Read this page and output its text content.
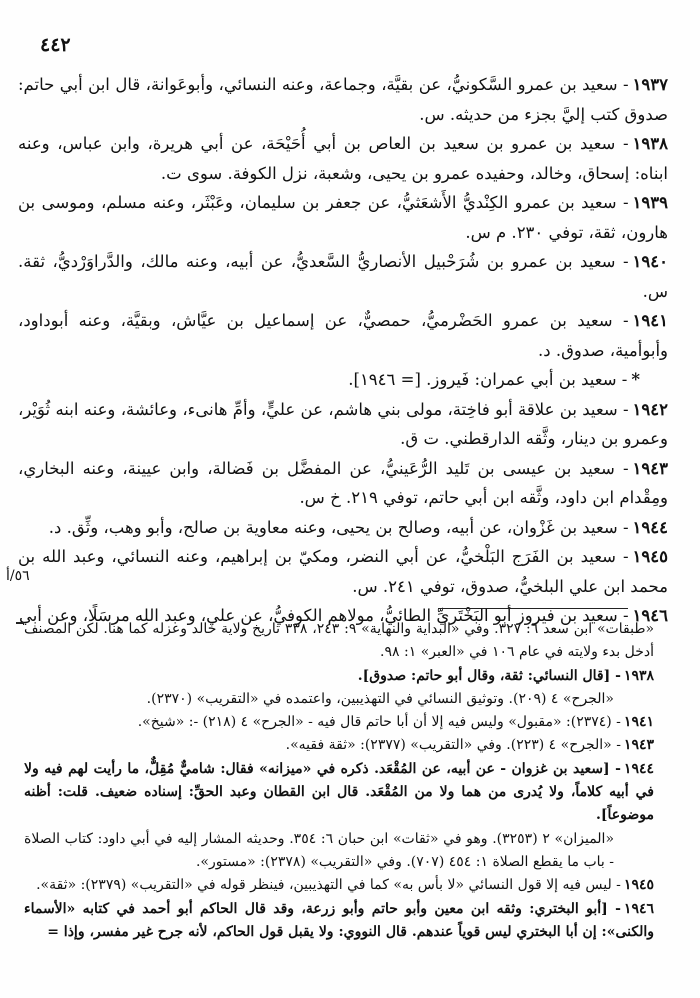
٤٤٢
٥٦/أ

١٩٣٧- سعيد بن عمرو السَّكونيُّ، عن بقيَّة، وجماعة، وعنه النسائي، وأبوعَوانة، قال ابن أبي حاتم: صدوق كتب إليَّ بجزء من حديثه. س.

١٩٣٨- سعيد بن عمرو بن سعيد بن العاص بن أبي أُحَيْحَة، عن أبي هريرة، وابن عباس، وعنه ابناه: إسحاق، وخالد، وحفيده عمرو بن يحيى، وشعبة، نزل الكوفة. سوى ت.

١٩٣٩- سعيد بن عمرو الكِنْديُّ الأَشعَثيُّ، عن جعفر بن سليمان، وعَبْثَر، وعنه مسلم، وموسى بن هارون، ثقة، توفي ٢٣٠. م س.

١٩٤٠- سعيد بن عمرو بن شُرَحْبيل الأنصاريُّ السَّعديُّ، عن أبيه، وعنه مالك، والدَّراوَرْديُّ، ثقة. س.

١٩٤١- سعيد بن عمرو الحَضْرميُّ، حمصيٌّ، عن إسماعيل بن عيَّاش، وبقيَّة، وعنه أبوداود، وأبوأمية، صدوق. د.

*- سعيد بن أبي عمران: فَيروز. [= ١٩٤٦].

١٩٤٢- سعيد بن علاقة أبو فاخِتة، مولى بني هاشم، عن عليٍّ، وأمِّ هانىء، وعائشة، وعنه ابنه ثُوَيْر، وعمرو بن دينار، وثَّقه الدارقطني. ت ق.

١٩٤٣- سعيد بن عيسى بن تَليد الرُّعَينيُّ، عن المفضَّل بن فَضالة، وابن عيينة، وعنه البخاري، ومِقْدام ابن داود، وثَّقه ابن أبي حاتم، توفي ٢١٩. خ س.

١٩٤٤- سعيد بن غَزْوان، عن أبيه، وصالح بن يحيى، وعنه معاوية بن صالح، وأبو وهب، وثِّق. د.

١٩٤٥- سعيد بن الفَرَج البَلْخيُّ، عن أبي النضر، ومكيّ بن إبراهيم، وعنه النسائي، وعبد الله بن محمد ابن علي البلخيُّ، صدوق، توفي ٢٤١. س.

١٩٤٦- سعيد بن فيروز أبو البَخْتَريِّ الطائيُّ، مولاهم الكوفيُّ، عن علي، وعبد الله مرسَلًا، وعن أبي

«طبقات» ابن سعد ٦: ٣٢٧. وفي «البداية والنهاية» ٩: ٢٤٣، ٣٣٨ تاريخ ولاية خالد وعزله كما هنا. لكن المصنف أدخل بدء ولايته في عام ١٠٦ في «العبر» ١: ٩٨.

١٩٣٨- [قال النسائي: ثقة، وقال أبو حاتم: صدوق].

«الجرح» ٤ (٢٠٩). وتوثيق النسائي في التهذيبين، واعتمده في «التقريب» (٢٣٧٠).

١٩٤١- (٢٣٧٤): «مقبول» وليس فيه إلا أن أبا حاتم قال فيه - «الجرح» ٤ (٢١٨) -: «شيخ».

١٩٤٣- «الجرح» ٤ (٢٢٣). وفي «التقريب» (٢٣٧٧): «ثقة فقيه».

١٩٤٤- [سعيد بن غزوان - عن أبيه، عن المُقْعَد. ذكره في «ميزانه» فقال: شاميٌّ مُقِلٌّ، ما رأيت لهم فيه ولا في أبيه كلاماً، ولا يُدرى من هما ولا من المُقْعَد. قال ابن القطان وعبد الحقِّ: إسناده ضعيف. قلت: أظنه موضوعاً].

«الميزان» ٢ (٣٢٥٣). وهو في «ثقات» ابن حبان ٦: ٣٥٤. وحديثه المشار إليه في أبي داود: كتاب الصلاة - باب ما يقطع الصلاة ١: ٤٥٤ (٧٠٧). وفي «التقريب» (٢٣٧٨): «مستور».

١٩٤٥- ليس فيه إلا قول النسائي «لا بأس به» كما في التهذيبين، فينظر قوله في «التقريب» (٢٣٧٩): «ثقة».

١٩٤٦- [أبو البختري: وثقه ابن معين وأبو حاتم وأبو زرعة، وقد قال الحاكم أبو أحمد في كتابه «الأسماء والكنى»: إن أبا البختري ليس قوياً عندهم. قال النووي: ولا يقبل قول الحاكم، لأنه جرح غير مفسر، وإذا =
